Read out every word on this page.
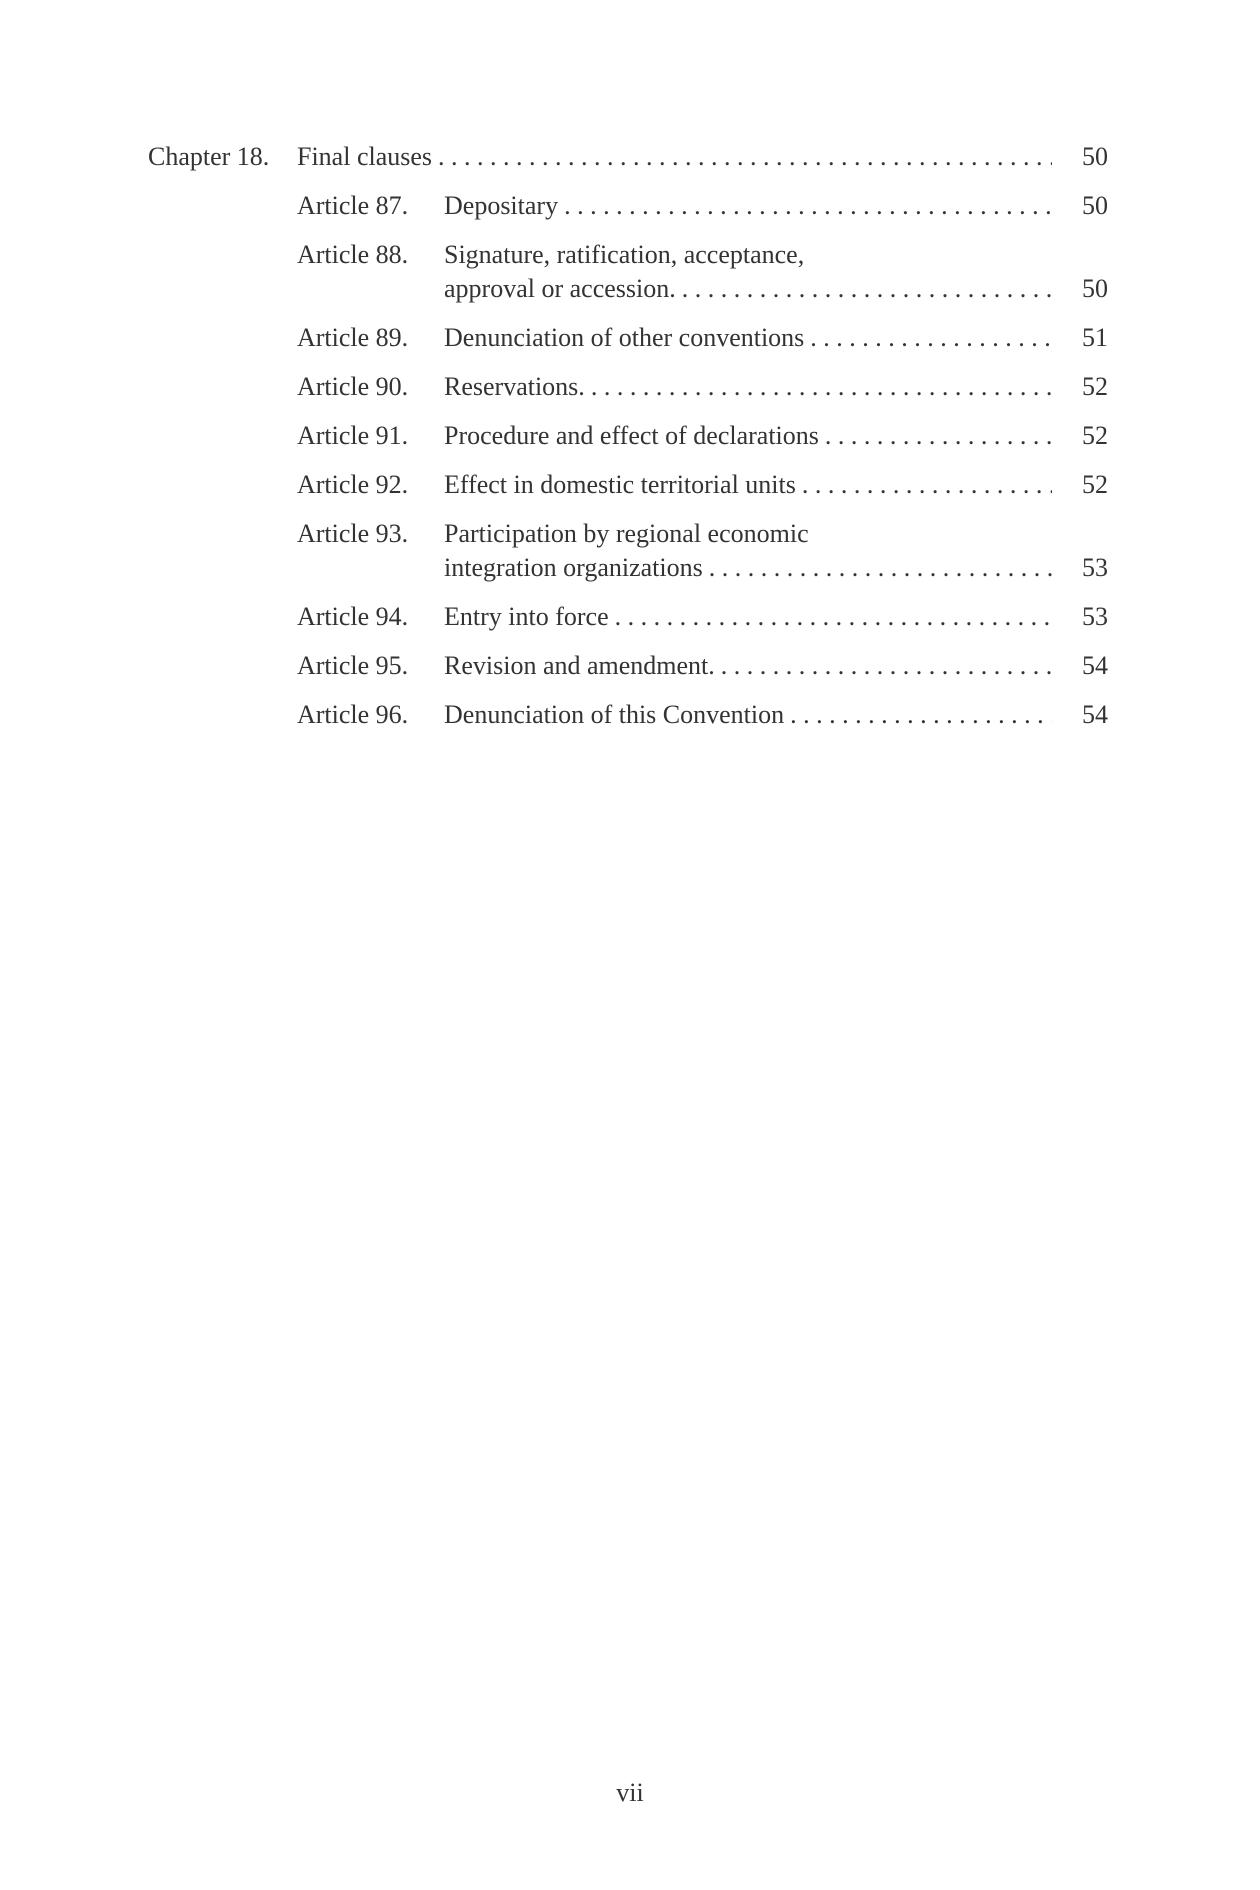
Chapter 18.	Final clauses . . .	50
Article 87.	Depositary . . .	50
Article 88.	Signature, ratification, acceptance,
approval or accession. . . .	50
Article 89.	Denunciation of other conventions . . .	51
Article 90.	Reservations. . . .	52
Article 91.	Procedure and effect of declarations . . .	52
Article 92.	Effect in domestic territorial units . . .	52
Article 93.	Participation by regional economic
integration organizations . . .	53
Article 94.	Entry into force . . .	53
Article 95.	Revision and amendment. . . .	54
Article 96.	Denunciation of this Convention . . .	54
vii
